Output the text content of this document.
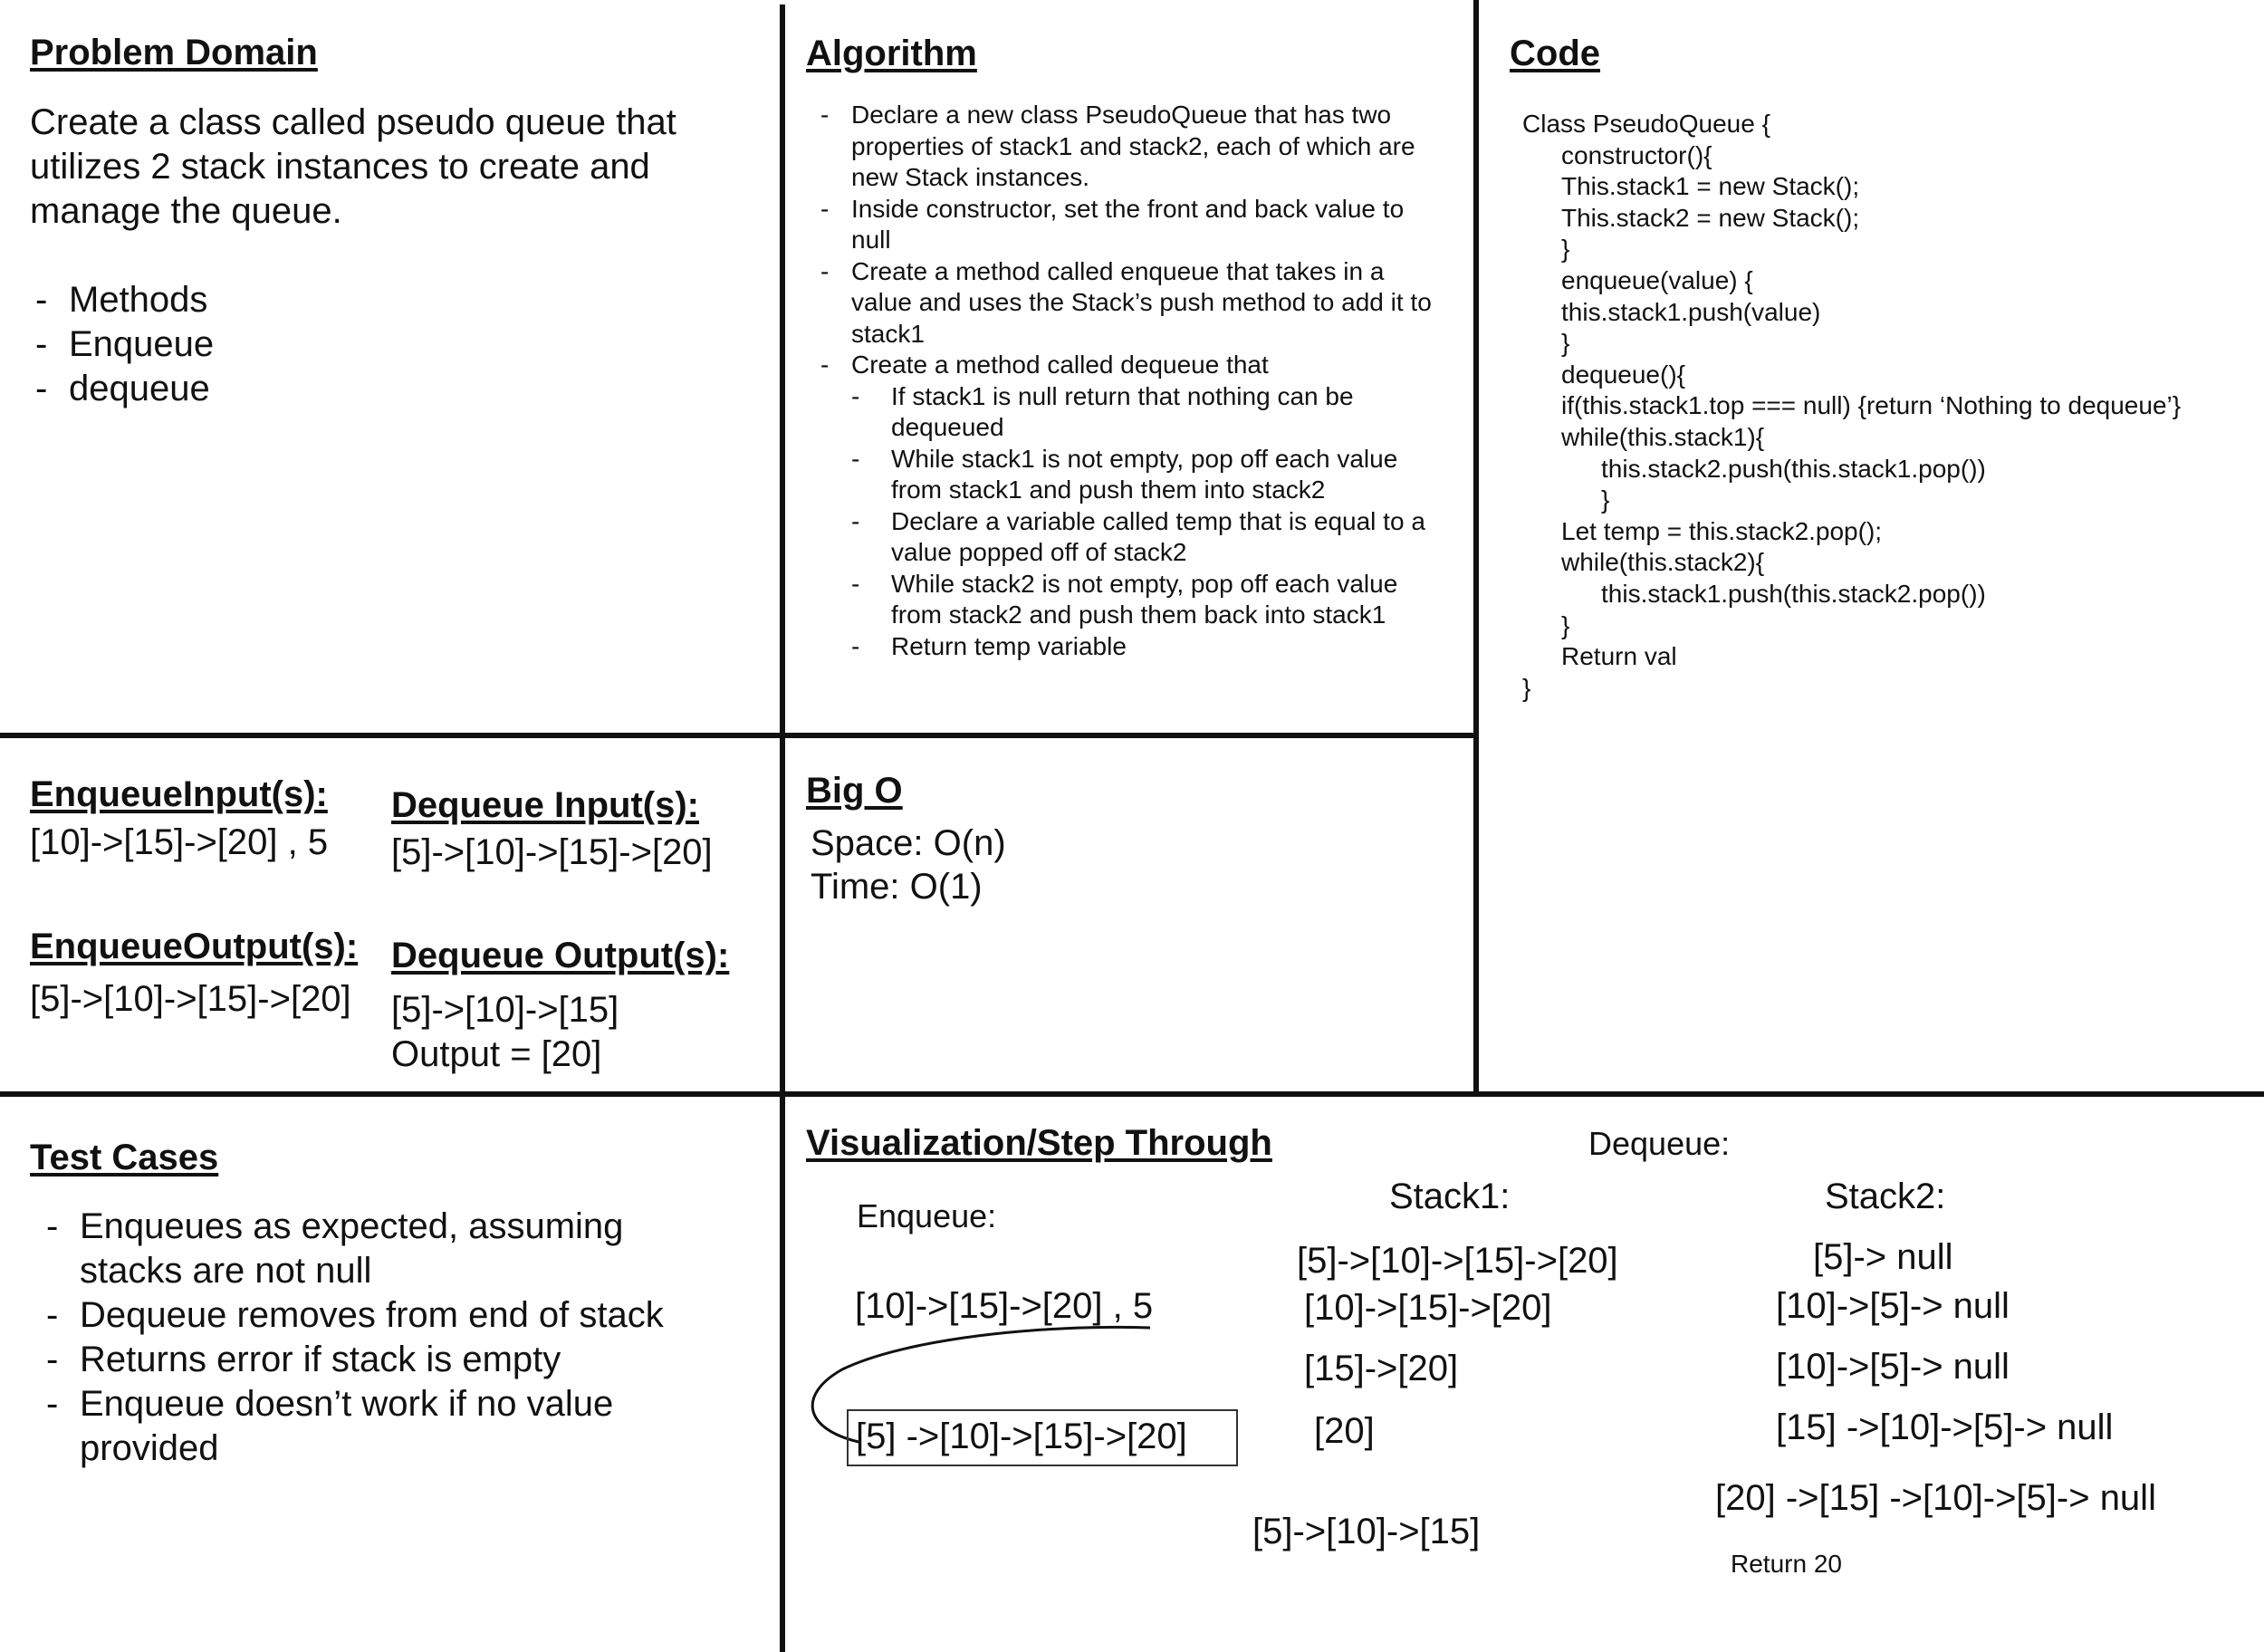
Problem Domain
Create a class called pseudo queue that
utilizes 2 stack instances to create and
manage the queue.
- Methods
- Enqueue
- dequeue
Algorithm
- Declare a new class PseudoQueue that has two properties of stack1 and stack2, each of which are new Stack instances.
- Inside constructor, set the front and back value to null
- Create a method called enqueue that takes in a value and uses the Stack’s push method to add it to stack1
- Create a method called dequeue that
- If stack1 is null return that nothing can be dequeued
- While stack1 is not empty, pop off each value from stack1 and push them into stack2
- Declare a variable called temp that is equal to a value popped off of stack2
- While stack2 is not empty, pop off each value from stack2 and push them back into stack1
- Return temp variable
Code
Class PseudoQueue {
constructor(){
This.stack1 = new Stack();
This.stack2 = new Stack();
}
enqueue(value) {
this.stack1.push(value)
}
dequeue(){
if(this.stack1.top === null) {return ‘Nothing to dequeue’}
while(this.stack1){
this.stack2.push(this.stack1.pop())
}
Let temp = this.stack2.pop();
while(this.stack2){
this.stack1.push(this.stack2.pop())
}
Return val
}
EnqueueInput(s):
[10]->[15]->[20] , 5
EnqueueOutput(s):
[5]->[10]->[15]->[20]
Dequeue Input(s):
[5]->[10]->[15]->[20]
Dequeue Output(s):
[5]->[10]->[15]
Output = [20]
Big O
Space: O(n)
Time: O(1)
Test Cases
- Enqueues as expected, assuming stacks are not null
- Dequeue removes from end of stack
- Returns error if stack is empty
- Enqueue doesn’t work if no value provided
Visualization/Step Through
Enqueue:
[10]->[15]->[20] , 5
[5] ->[10]->[15]->[20]
Dequeue:
Stack1:
[5]->[10]->[15]->[20]
[10]->[15]->[20]
[15]->[20]
[20]
[5]->[10]->[15]
Stack2:
[5]-> null
[10]->[5]-> null
[10]->[5]-> null
[15] ->[10]->[5]-> null
[20] ->[15] ->[10]->[5]-> null
Return 20
